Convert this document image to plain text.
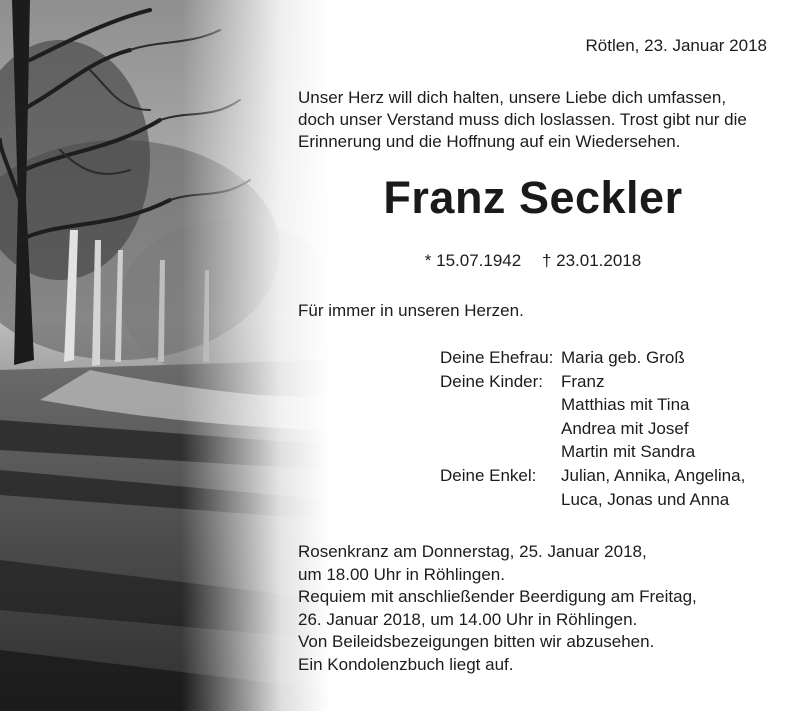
Rötlen, 23. Januar 2018
Unser Herz will dich halten, unsere Liebe dich umfassen,
doch unser Verstand muss dich loslassen. Trost gibt nur die
Erinnerung und die Hoffnung auf ein Wiedersehen.
Franz Seckler
* 15.07.1942 † 23.01.2018
Für immer in unseren Herzen.
Deine Ehefrau: Maria geb. Groß
Deine Kinder:	Franz
Matthias mit Tina
Andrea mit Josef
Martin mit Sandra
Deine Enkel:	Julian, Annika, Angelina,
Luca, Jonas und Anna
Rosenkranz am Donnerstag, 25. Januar 2018,
um 18.00 Uhr in Röhlingen.
Requiem mit anschließender Beerdigung am Freitag,
26. Januar 2018, um 14.00 Uhr in Röhlingen.
Von Beileidsbezeigungen bitten wir abzusehen.
Ein Kondolenzbuch liegt auf.
